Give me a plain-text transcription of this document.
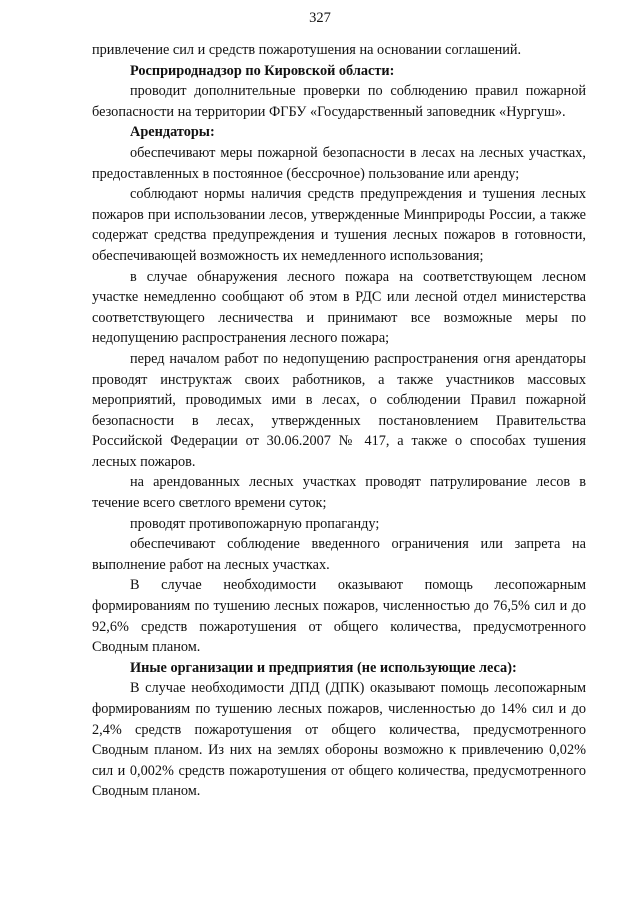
327

привлечение сил и средств пожаротушения на основании соглашений.

Росприроднадзор по Кировской области:

проводит дополнительные проверки по соблюдению правил пожарной безопасности на территории ФГБУ «Государственный заповедник «Нургуш».

Арендаторы:

обеспечивают меры пожарной безопасности в лесах на лесных участках, предоставленных в постоянное (бессрочное) пользование или аренду;

соблюдают нормы наличия средств предупреждения и тушения лесных пожаров при использовании лесов, утвержденные Минприроды России, а также содержат средства предупреждения и тушения лесных пожаров в готовности, обеспечивающей возможность их немедленного использования;

в случае обнаружения лесного пожара на соответствующем лесном участке немедленно сообщают об этом в РДС или лесной отдел министерства соответствующего лесничества и принимают все возможные меры по недопущению распространения лесного пожара;

перед началом работ по недопущению распространения огня арендаторы проводят инструктаж своих работников, а также участников массовых мероприятий, проводимых ими в лесах, о соблюдении Правил пожарной безопасности в лесах, утвержденных постановлением Правительства Российской Федерации от 30.06.2007 № 417, а также о способах тушения лесных пожаров.

на арендованных лесных участках проводят патрулирование лесов в течение всего светлого времени суток;

проводят противопожарную пропаганду;

обеспечивают соблюдение введенного ограничения или запрета на выполнение работ на лесных участках.

В случае необходимости оказывают помощь лесопожарным формированиям по тушению лесных пожаров, численностью до 76,5% сил и до 92,6% средств пожаротушения от общего количества, предусмотренного Сводным планом.

Иные организации и предприятия (не использующие леса):

В случае необходимости ДПД (ДПК) оказывают помощь лесопожарным формированиям по тушению лесных пожаров, численностью до 14% сил и до 2,4% средств пожаротушения от общего количества, предусмотренного Сводным планом. Из них на землях обороны возможно к привлечению 0,02% сил и 0,002% средств пожаротушения от общего количества, предусмотренного Сводным планом.
